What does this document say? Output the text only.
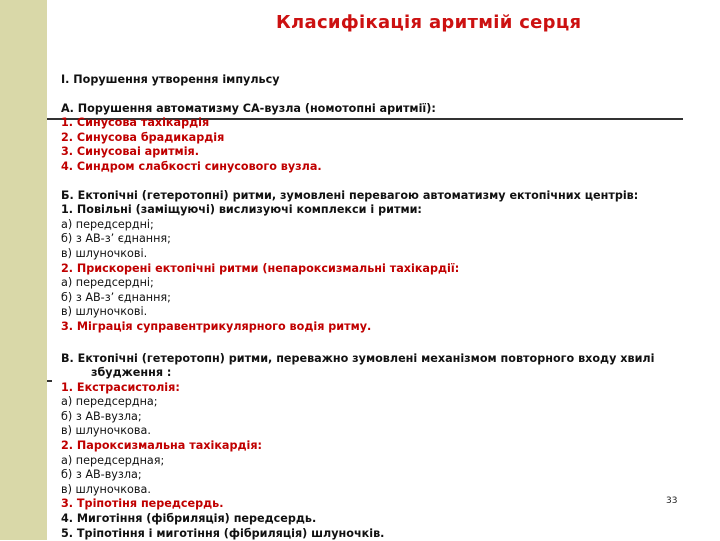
Класифікація аритмій серця
І. Порушення утворення імпульсу
А. Порушення автоматизму СА-вузла (номотопні аритмії):
1. Синусова тахікардія
2. Синусова брадикардія
3. Синусоваі аритмія.
4. Синдром слабкості синусового вузла.
Б. Ектопічні (гетеротопні) ритми, зумовлені перевагою автоматизму ектопічних центрів:
1. Повільні (заміщуючі) вислизуючі комплекси і ритми:
а) передсердні;
б) з АВ-з’ єднання;
в) шлуночкові.
2. Прискорені ектопічні ритми (непароксизмальні тахікардії:
а) передсердні;
б) з АВ-з’ єднання;
в) шлуночкові.
3. Міграція суправентрикулярного водія ритму.
В. Ектопічні (гетеротопн) ритми, переважно зумовлені механізмом повторного входу хвилі
збудження :
1. Екстрасистолія:
а) передсердна;
б) з АВ-вузла;
в) шлуночкова.
2. Пароксизмальна тахікардія:
а) передсердная;
б) з АВ-вузла;
в) шлуночкова.
3. Тріпотіня передсердь.
4. Миготіння (фібриляція) передсердь.
5. Тріпотіння і миготіння (фібриляція) шлуночків.
33
